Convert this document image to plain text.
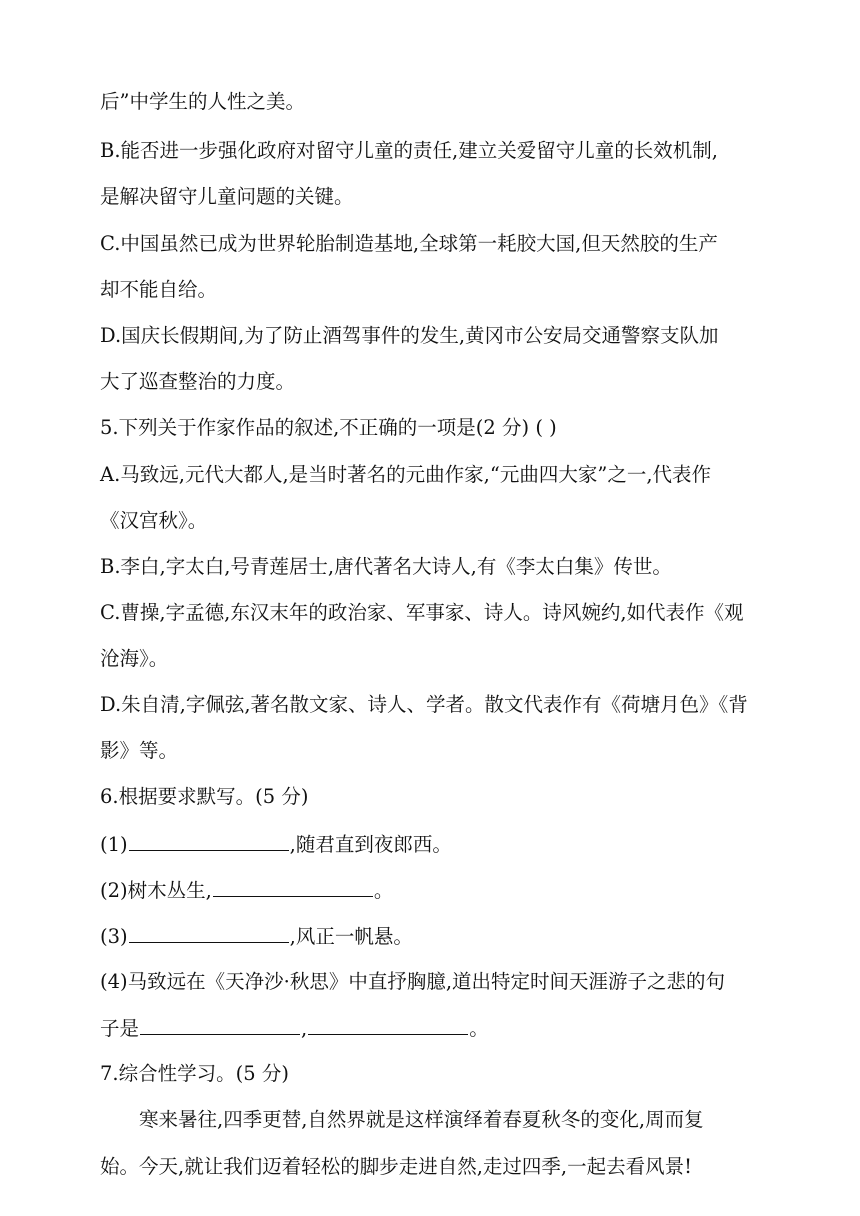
后”中学生的人性之美。
B.能否进一步强化政府对留守儿童的责任,建立关爱留守儿童的长效机制,
是解决留守儿童问题的关键。
C.中国虽然已成为世界轮胎制造基地,全球第一耗胶大国,但天然胶的生产
却不能自给。
D.国庆长假期间,为了防止酒驾事件的发生,黄冈市公安局交通警察支队加
大了巡查整治的力度。
5.下列关于作家作品的叙述,不正确的一项是(2 分) ( )
A.马致远,元代大都人,是当时著名的元曲作家,“元曲四大家”之一,代表作
《汉宫秋》。
B.李白,字太白,号青莲居士,唐代著名大诗人,有《李太白集》传世。
C.曹操,字孟德,东汉末年的政治家、军事家、诗人。诗风婉约,如代表作《观
沧海》。
D.朱自清,字佩弦,著名散文家、诗人、学者。散文代表作有《荷塘月色》《背
影》等。
6.根据要求默写。(5 分)
(1)	,随君直到夜郎西。
(2)树木丛生,	。
(3)	,风正一帆悬。
(4)马致远在《天净沙·秋思》中直抒胸臆,道出特定时间天涯游子之悲的句
子是	,	。
7.综合性学习。(5 分)
寒来暑往,四季更替,自然界就是这样演绎着春夏秋冬的变化,周而复
始。今天,就让我们迈着轻松的脚步走进自然,走过四季,一起去看风景!
